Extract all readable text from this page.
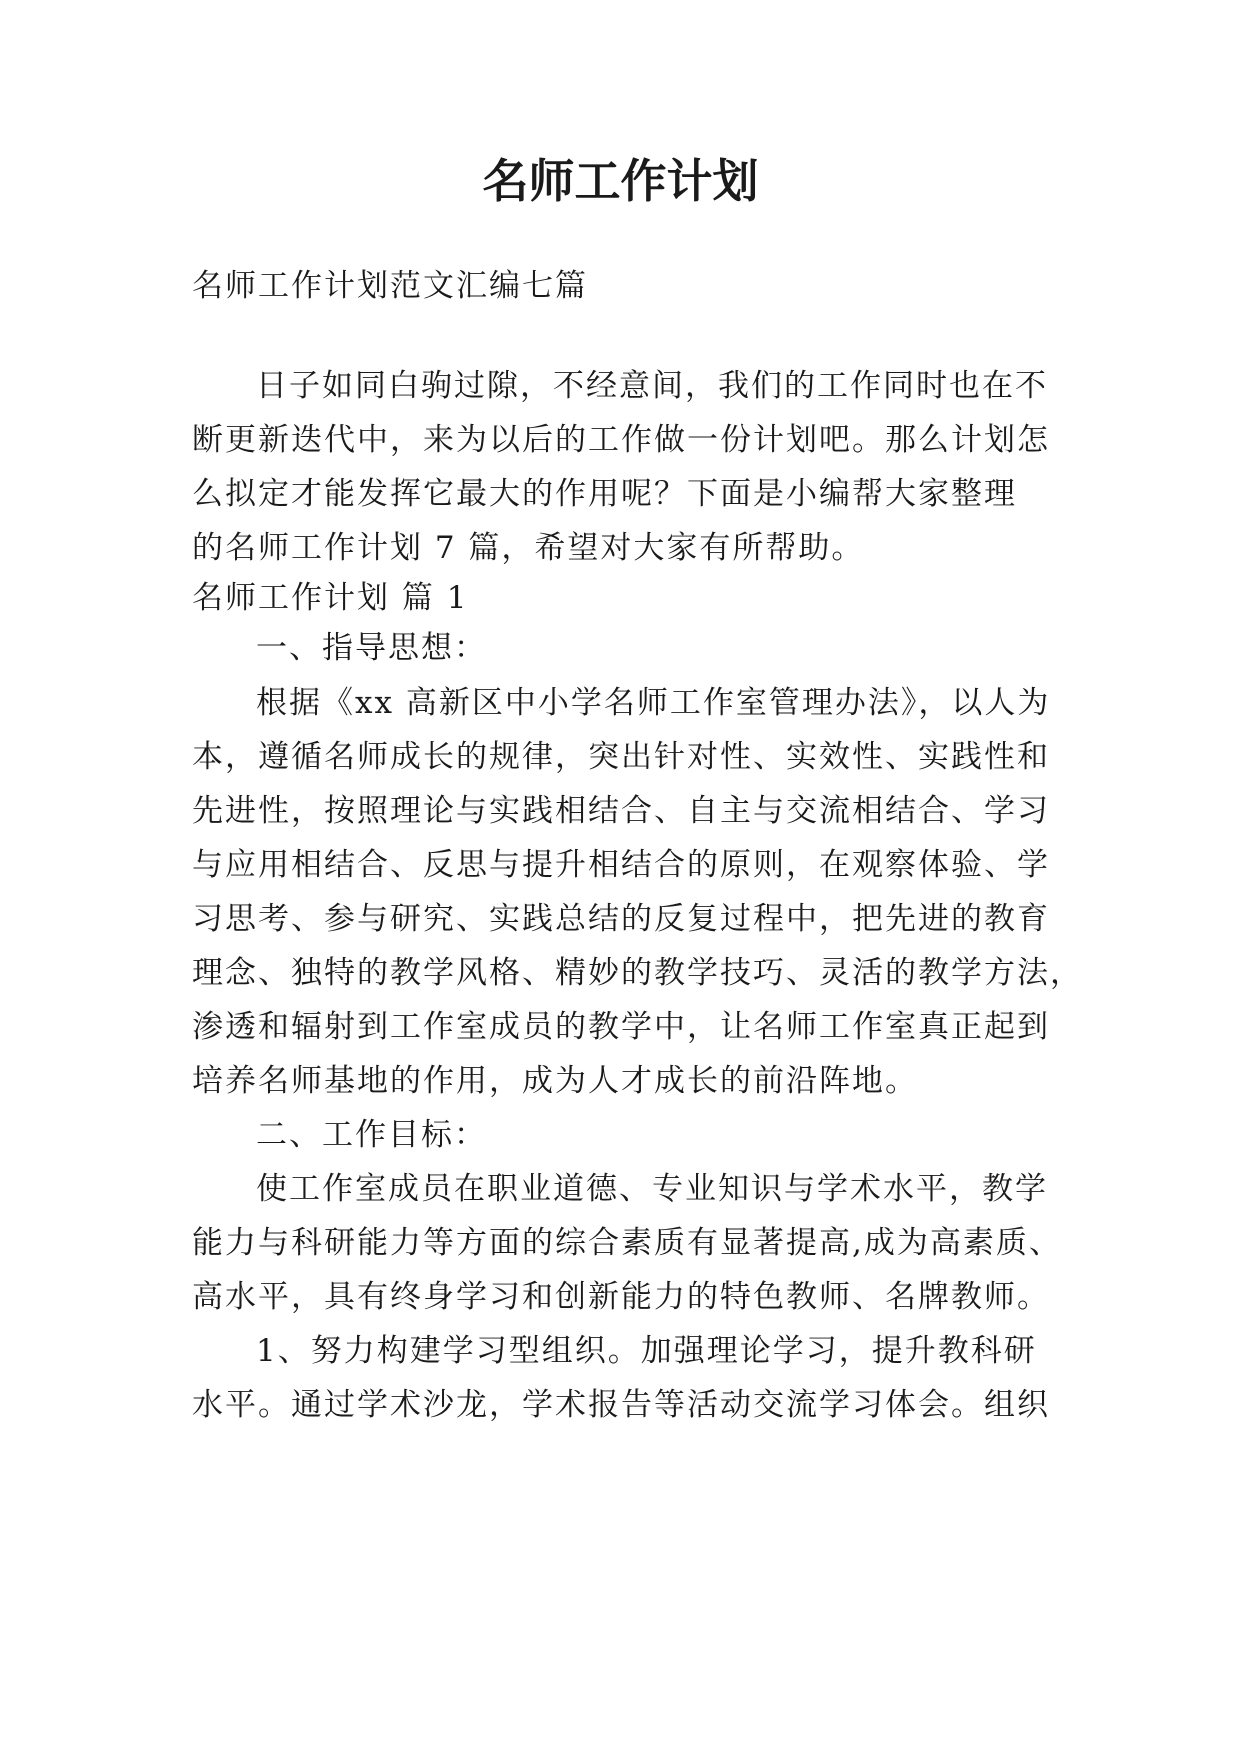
名师工作计划
名师工作计划范文汇编七篇
日子如同白驹过隙，不经意间，我们的工作同时也在不
断更新迭代中，来为以后的工作做一份计划吧。那么计划怎
么拟定才能发挥它最大的作用呢？下面是小编帮大家整理
的名师工作计划 7 篇，希望对大家有所帮助。
名师工作计划 篇 1
一、指导思想：
根据《xx 高新区中小学名师工作室管理办法》，以人为
本，遵循名师成长的规律，突出针对性、实效性、实践性和
先进性，按照理论与实践相结合、自主与交流相结合、学习
与应用相结合、反思与提升相结合的原则，在观察体验、学
习思考、参与研究、实践总结的反复过程中，把先进的教育
理念、独特的教学风格、精妙的教学技巧、灵活的教学方法，
渗透和辐射到工作室成员的教学中，让名师工作室真正起到
培养名师基地的作用，成为人才成长的前沿阵地。
二、工作目标：
使工作室成员在职业道德、专业知识与学术水平，教学
能力与科研能力等方面的综合素质有显著提高,成为高素质、
高水平，具有终身学习和创新能力的特色教师、名牌教师。
1、努力构建学习型组织。加强理论学习，提升教科研
水平。通过学术沙龙，学术报告等活动交流学习体会。组织
